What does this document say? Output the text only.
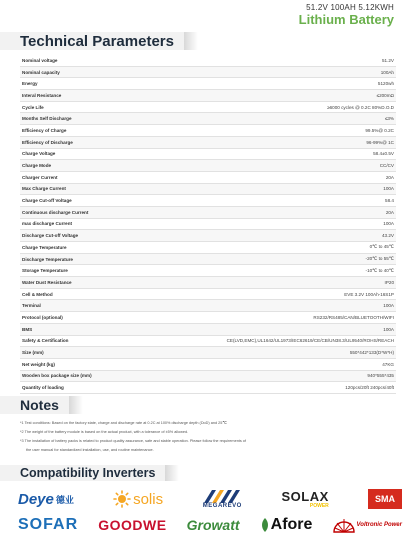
51.2V 100AH 5.12KWH
Lithium Battery
Technical Parameters
Nominal voltage	51.2V
Nominal capacity	100Ah
Energy	5120wh
Interal Resistance	≤200mΩ
Cycle Life	≥6000 cycles @ 0.2C 80%D.O.D
Months Self Discharge	≤3%
Efficiency of Charge	99.5%@ 0.2C
Efficiency of Discharge	96-99%@ 1C
Charge Voltage	58.4±0.5V
Charge Mode	CC/CV
Charger Current	20A
Max Charge Current	100A
Charge Cut-off Voltage	58.4
Continuous discharge Current	20A
max discharge Current	100A
Discharge Cut-off Voltage	43.2V
Charge Temperature	0℃ to 45℃
Discharge Temperature	-20℃ to 55℃
Storage Temperature	-10℃ to 40℃
Water Dust Resistance	IP20
Cell & Method	EVE 3.2V 100Ah-16S1P
Terminal	100A
Protocol (optional)	RS232/RS485/CAN/BLUETOOTH/WIFI
BMS	100A
Safety & Certification	CE(LVD,EMC),UL1642/UL1973/IEC62619/CE/CB/UN38.3/UL9540/ROHS/REACH
Size (mm)	550*442*133(D*W*H)
Net weight (kg)	47KG
Wooden box package size (mm)	940*555*435
Quantity of loading	120pcs/20ft 240pcs/40ft
Notes
*1 Test conditions: Based on the factory state, charge and discharge rate at 0.2C at 100% discharge depth (DoD) and 25℃
*2 The weight of the battery module is based on the actual product, with a tolerance of ±5% allowed.
*3 The installation of battery packs is related to product quality assurance, safe and stable operation. Please follow the requirements of
the user manual for standardized installation, use, and routine maintenance.
Compatibility Inverters
Deye 德业	solis	MEGAREVO
SOLAX
POWER
SMA
SOFAR GOODWE Growatt Afore	Voltronic Power
